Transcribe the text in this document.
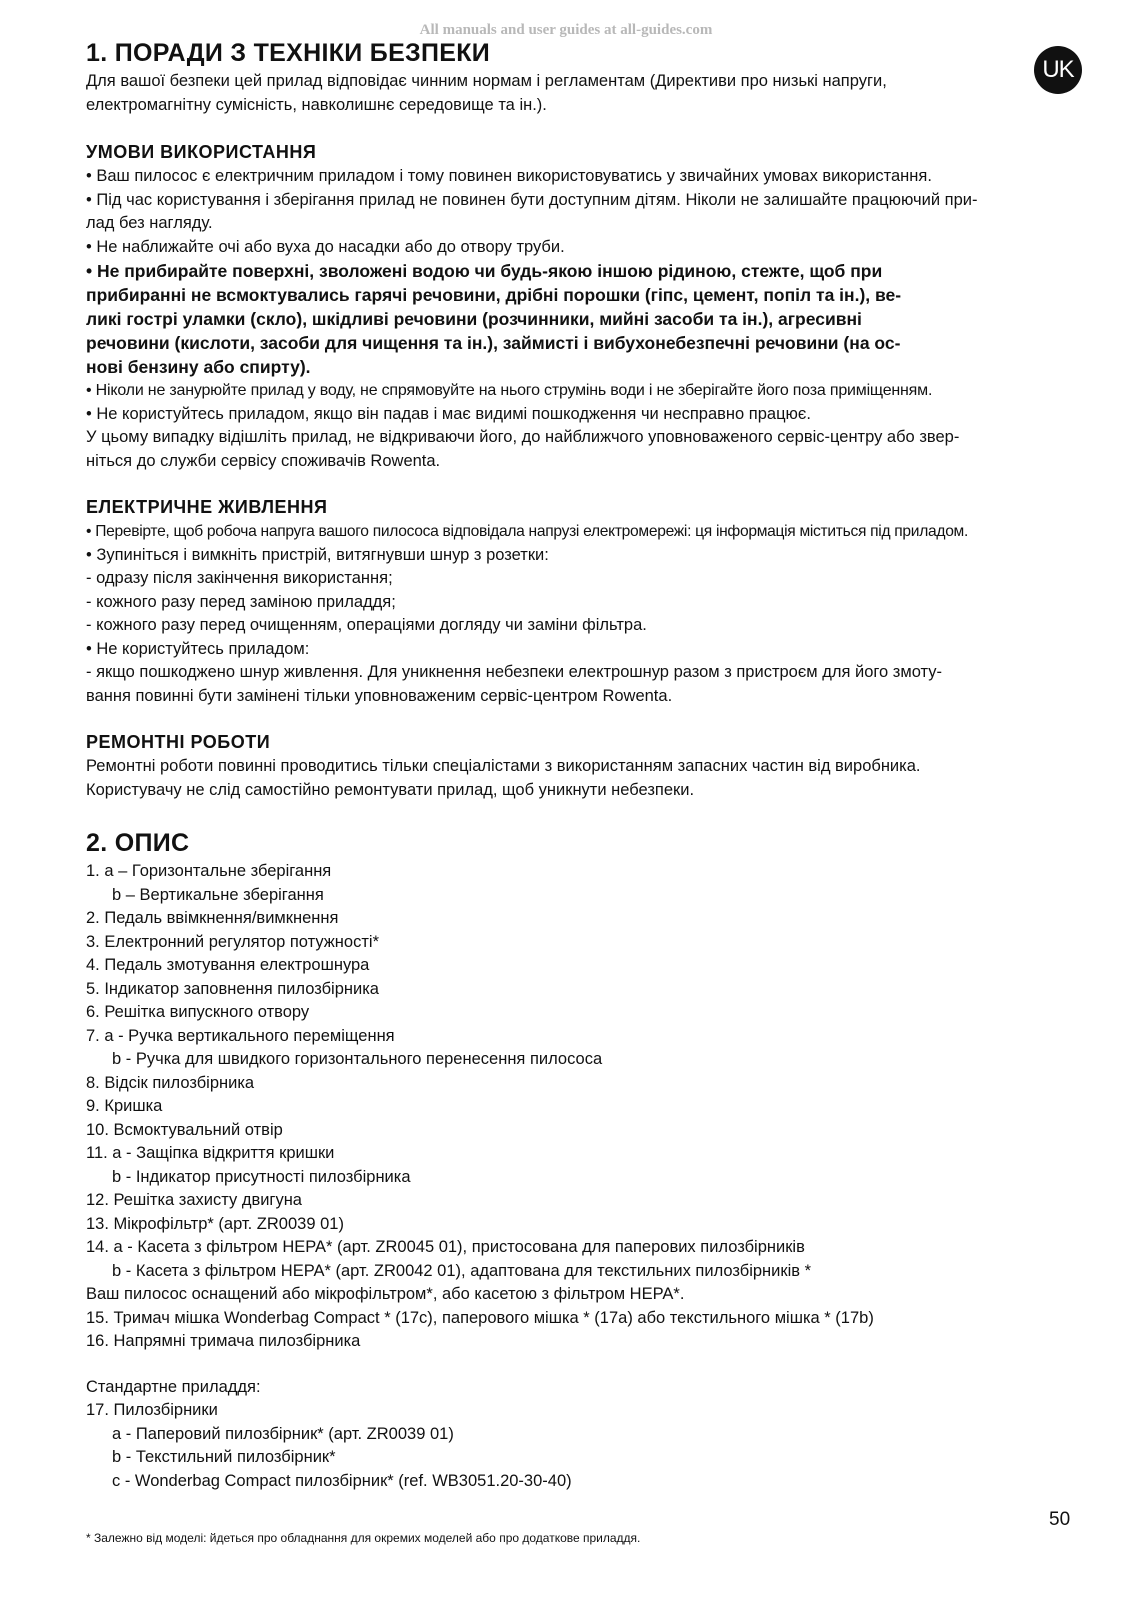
All manuals and user guides at all-guides.com
UK
1. ПОРАДИ З ТЕХНІКИ БЕЗПЕКИ

Для вашої безпеки цей прилад відповідає чинним нормам і регламентам (Директиви про низькі напруги,

електромагнітну сумісність, навколишнє середовище та ін.).

УМОВИ ВИКОРИСТАННЯ

• Ваш пилосос є електричним приладом і тому повинен використовуватись у звичайних умовах використання.

• Під час користування і зберігання прилад не повинен бути доступним дітям. Ніколи не залишайте працюючий при-

лад без нагляду.

• Не наближайте очі або вуха до насадки або до отвору труби.

• Не прибирайте поверхні, зволожені водою чи будь-якою іншою рідиною, стежте, щоб при

прибиранні не всмоктувались гарячі речовини, дрібні порошки (гіпс, цемент, попіл та ін.), ве-

ликі гострі уламки (скло), шкідливі речовини (розчинники, мийні засоби та ін.), агресивні

речовини (кислоти, засоби для чищення та ін.), займисті і вибухонебезпечні речовини (на ос-

нові бензину або спирту).

• Ніколи не занурюйте прилад у воду, не спрямовуйте на нього струмінь води і не зберігайте його поза приміщенням.

• Не користуйтесь приладом, якщо він падав і має видимі пошкодження чи несправно працює.

У цьому випадку відішліть прилад, не відкриваючи його, до найближчого уповноваженого сервіс-центру або звер-

ніться до служби сервісу споживачів Rowenta.

ЕЛЕКТРИЧНЕ ЖИВЛЕННЯ

• Перевірте, щоб робоча напруга вашого пилососа відповідала напрузі електромережі: ця інформація міститься під приладом.

• Зупиніться і вимкніть пристрій, витягнувши шнур з розетки:

- одразу після закінчення використання;

- кожного разу перед заміною приладдя;

- кожного разу перед очищенням, операціями догляду чи заміни фільтра.

• Не користуйтесь приладом:

- якщо пошкоджено шнур живлення. Для уникнення небезпеки електрошнур разом з пристроєм для його змоту-

вання повинні бути замінені тільки уповноваженим сервіс-центром Rowenta.

РЕМОНТНІ РОБОТИ

Ремонтні роботи повинні проводитись тільки спеціалістами з використанням запасних частин від виробника.

Користувачу не слід самостійно ремонтувати прилад, щоб уникнути небезпеки.

2. ОПИС

1. a – Горизонтальне зберігання

b – Вертикальне зберігання

2. Педаль ввімкнення/вимкнення

3. Електронний регулятор потужності*

4. Педаль змотування електрошнура

5. Індикатор заповнення пилозбірника

6. Решітка випускного отвору

7. a - Ручка вертикального переміщення

b - Ручка для швидкого горизонтального перенесення пилососа

8. Відсік пилозбірника

9. Кришка

10. Всмоктувальний отвір

11. a - Защіпка відкриття кришки

b - Індикатор присутності пилозбірника

12. Решітка захисту двигуна

13. Мікрофільтр* (арт. ZR0039 01)

14. a - Касета з фільтром HEPA* (арт. ZR0045 01), пристосована для паперових пилозбірників

b - Касета з фільтром HEPA* (арт. ZR0042 01), адаптована для текстильних пилозбірників *

Ваш пилосос оснащений або мікрофільтром*, або касетою з фільтром HEPA*.

15. Тримач мішка Wonderbag Compact * (17c), паперового мішка * (17a) або текстильного мішка * (17b)

16. Напрямні тримача пилозбірника

Стандартне приладдя:

17. Пилозбірники

a - Паперовий пилозбірник* (арт. ZR0039 01)

b - Текстильний пилозбірник*

c - Wonderbag Compact пилозбірник* (ref. WB3051.20-30-40)

50
* Залежно від моделі: йдеться про обладнання для окремих моделей або про додаткове приладдя.
